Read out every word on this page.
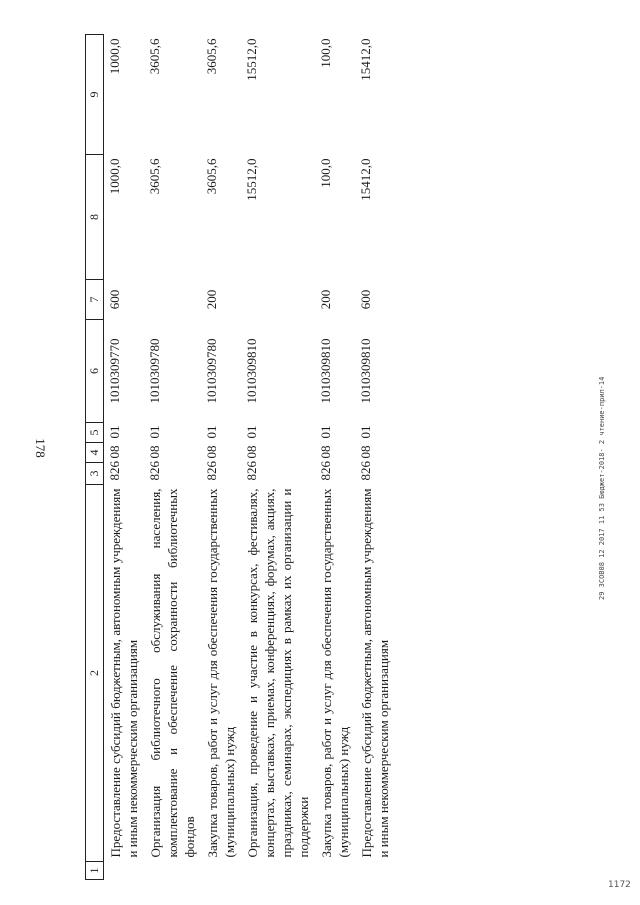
178
1	2	3	4	5	6	7	8	9
	Предоставление субсидий бюджетным, автономным учреждениям и иным некоммерческим организациям	826	08	01	1010309770	600	1000,0	1000,0
	Организация библиотечного обслуживания населения, комплектование и обеспечение сохранности библиотечных фондов	826	08	01	1010309780		3605,6	3605,6
	Закупка товаров, работ и услуг для обеспечения государственных (муниципальных) нужд	826	08	01	1010309780	200	3605,6	3605,6
	Организация, проведение и участие в конкурсах, фестивалях, концертах, выставках, приемах, конференциях, форумах, акциях, праздниках, семинарах, экспедициях в рамках их организации и поддержки	826	08	01	1010309810		15512,0	15512,0
	Закупка товаров, работ и услуг для обеспечения государственных (муниципальных) нужд	826	08	01	1010309810	200	100,0	100,0
	Предоставление субсидий бюджетным, автономным учреждениям и иным некоммерческим организациям	826	08	01	1010309810	600	15412,0	15412,0
29 ЗСОВ08 12 2017 11 53 Бюджет-2018- 2 чтение-прил-14
1172
